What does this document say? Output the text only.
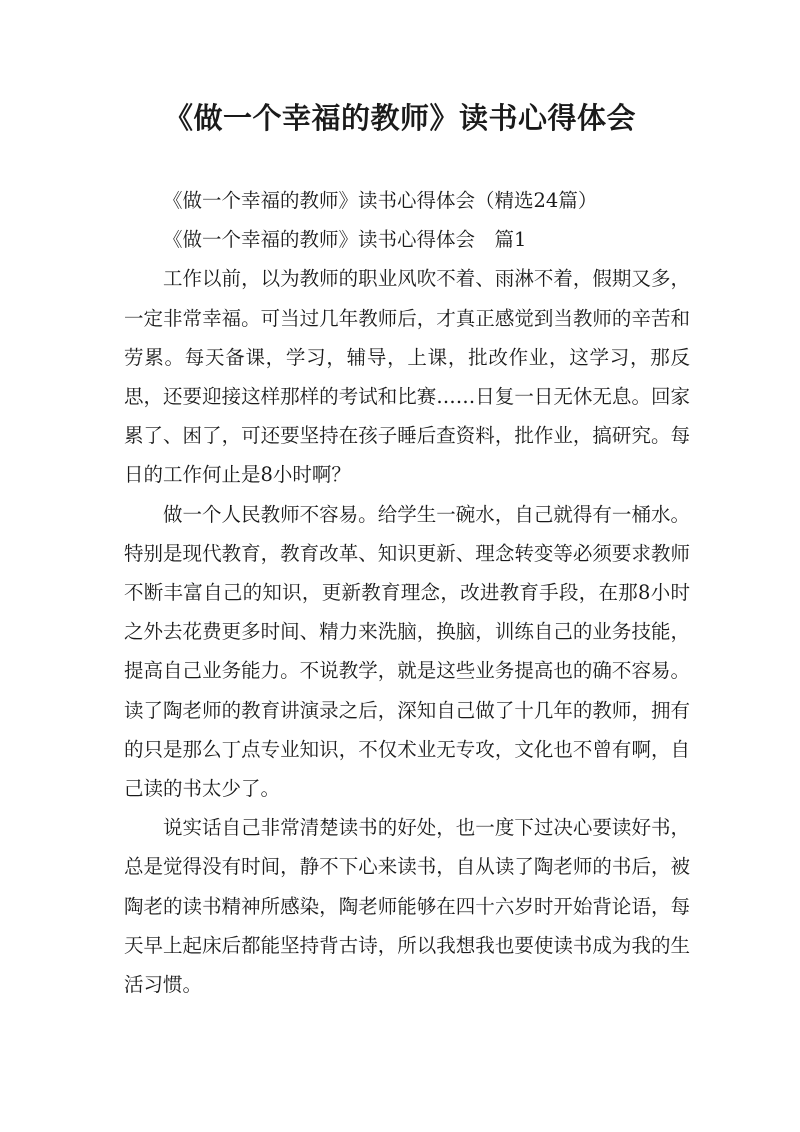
《做一个幸福的教师》读书心得体会

《做一个幸福的教师》读书心得体会（精选24篇）

《做一个幸福的教师》读书心得体会　篇1

工作以前，以为教师的职业风吹不着、雨淋不着，假期又多，一定非常幸福。可当过几年教师后，才真正感觉到当教师的辛苦和劳累。每天备课，学习，辅导，上课，批改作业，这学习，那反思，还要迎接这样那样的考试和比赛……日复一日无休无息。回家累了、困了，可还要坚持在孩子睡后查资料，批作业，搞研究。每日的工作何止是8小时啊？

做一个人民教师不容易。给学生一碗水，自己就得有一桶水。特别是现代教育，教育改革、知识更新、理念转变等必须要求教师不断丰富自己的知识，更新教育理念，改进教育手段，在那8小时之外去花费更多时间、精力来洗脑，换脑，训练自己的业务技能，提高自己业务能力。不说教学，就是这些业务提高也的确不容易。读了陶老师的教育讲演录之后，深知自己做了十几年的教师，拥有的只是那么丁点专业知识，不仅术业无专攻，文化也不曾有啊，自己读的书太少了。

说实话自己非常清楚读书的好处，也一度下过决心要读好书，总是觉得没有时间，静不下心来读书，自从读了陶老师的书后，被陶老的读书精神所感染，陶老师能够在四十六岁时开始背论语，每天早上起床后都能坚持背古诗，所以我想我也要使读书成为我的生活习惯。
